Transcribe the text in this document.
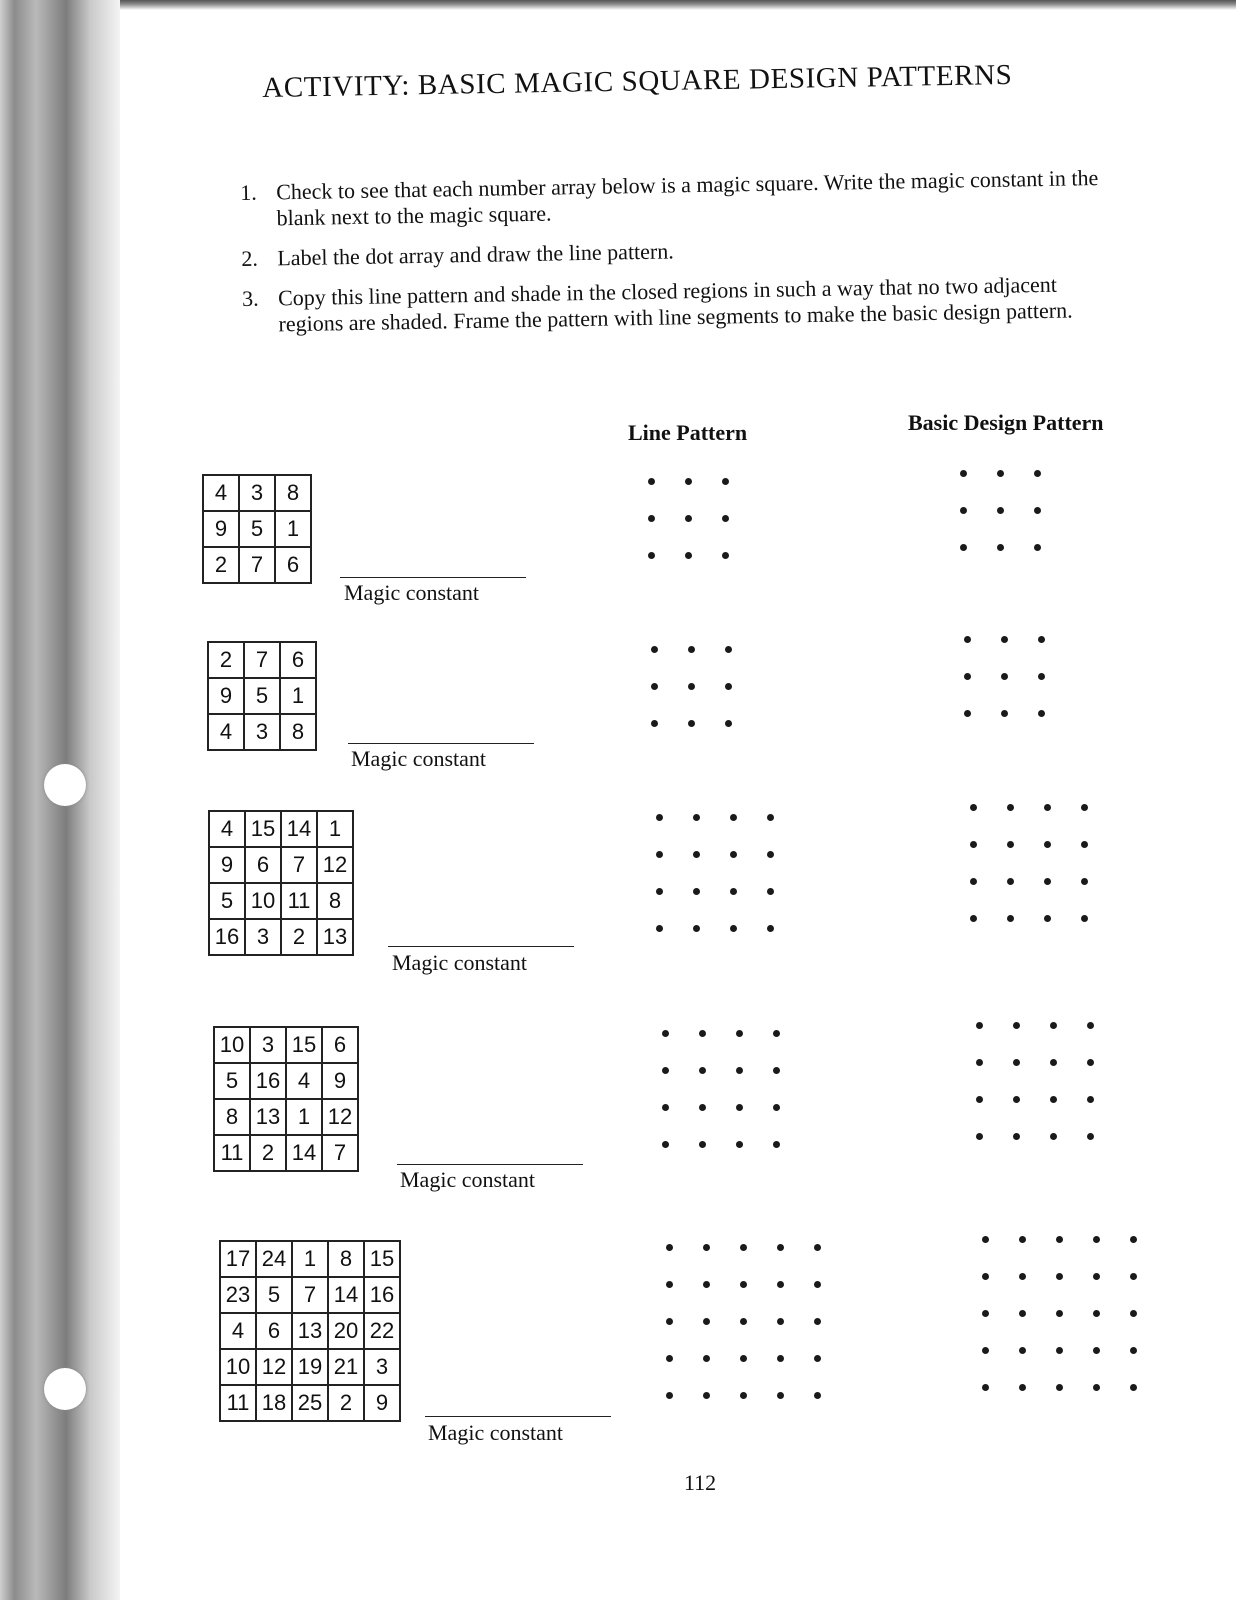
ACTIVITY: BASIC MAGIC SQUARE DESIGN PATTERNS
1. Check to see that each number array below is a magic square. Write the magic constant in the blank next to the magic square.
2. Label the dot array and draw the line pattern.
3. Copy this line pattern and shade in the closed regions in such a way that no two adjacent regions are shaded. Frame the pattern with line segments to make the basic design pattern.
Line Pattern	Basic Design Pattern
4	3	8
9	5	1
2	7	6
2	7	6
9	5	1
4	3	8
4	15	14	1
9	6	7	12
5	10	11	8
16	3	2	13
10	3	15	6
5	16	4	9
8	13	1	12
11	2	14	7
17	24	1	8	15
23	5	7	14	16
4	6	13	20	22
10	12	19	21	3
11	18	25	2	9
Magic constant
Magic constant
Magic constant
Magic constant
Magic constant
112
